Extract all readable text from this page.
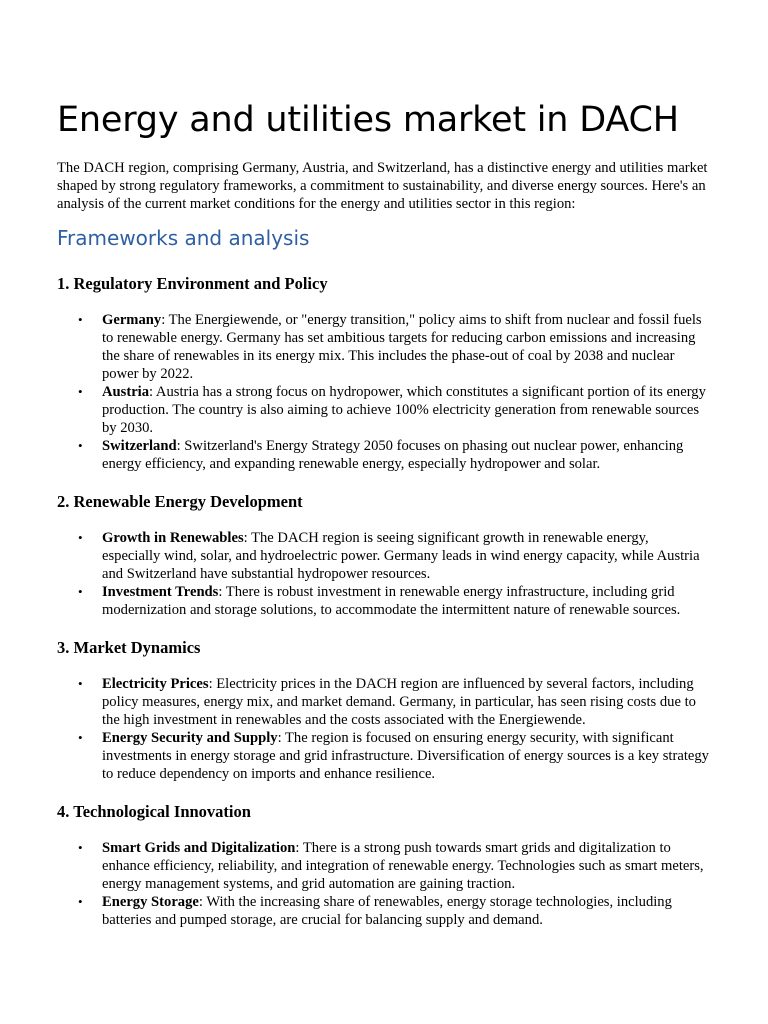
Energy and utilities market in DACH

The DACH region, comprising Germany, Austria, and Switzerland, has a distinctive energy and utilities market shaped by strong regulatory frameworks, a commitment to sustainability, and diverse energy sources. Here's an analysis of the current market conditions for the energy and utilities sector in this region:

Frameworks and analysis
1. Regulatory Environment and Policy
• Germany: The Energiewende, or "energy transition," policy aims to shift from nuclear and fossil fuels to renewable energy. Germany has set ambitious targets for reducing carbon emissions and increasing the share of renewables in its energy mix. This includes the phase-out of coal by 2038 and nuclear power by 2022.
• Austria: Austria has a strong focus on hydropower, which constitutes a significant portion of its energy production. The country is also aiming to achieve 100% electricity generation from renewable sources by 2030.
• Switzerland: Switzerland's Energy Strategy 2050 focuses on phasing out nuclear power, enhancing energy efficiency, and expanding renewable energy, especially hydropower and solar.
2. Renewable Energy Development
• Growth in Renewables: The DACH region is seeing significant growth in renewable energy, especially wind, solar, and hydroelectric power. Germany leads in wind energy capacity, while Austria and Switzerland have substantial hydropower resources.
• Investment Trends: There is robust investment in renewable energy infrastructure, including grid modernization and storage solutions, to accommodate the intermittent nature of renewable sources.
3. Market Dynamics
• Electricity Prices: Electricity prices in the DACH region are influenced by several factors, including policy measures, energy mix, and market demand. Germany, in particular, has seen rising costs due to the high investment in renewables and the costs associated with the Energiewende.
• Energy Security and Supply: The region is focused on ensuring energy security, with significant investments in energy storage and grid infrastructure. Diversification of energy sources is a key strategy to reduce dependency on imports and enhance resilience.
4. Technological Innovation
• Smart Grids and Digitalization: There is a strong push towards smart grids and digitalization to enhance efficiency, reliability, and integration of renewable energy. Technologies such as smart meters, energy management systems, and grid automation are gaining traction.
• Energy Storage: With the increasing share of renewables, energy storage technologies, including batteries and pumped storage, are crucial for balancing supply and demand.
